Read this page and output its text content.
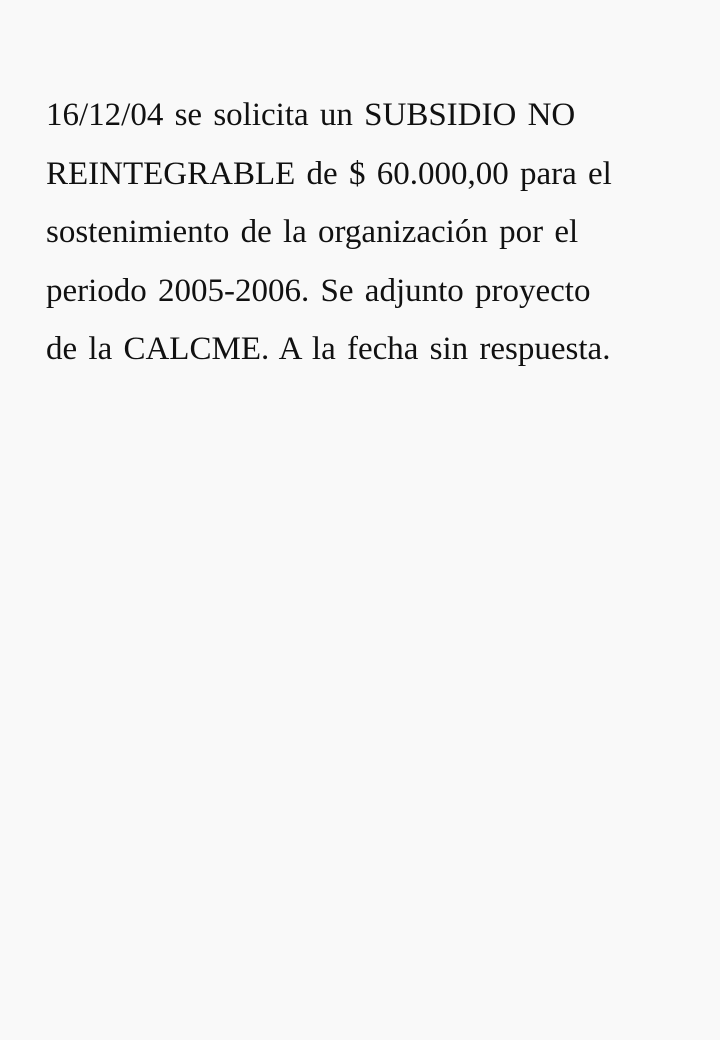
16/12/04 se solicita un SUBSIDIO NO
REINTEGRABLE de $ 60.000,00 para el
sostenimiento de la organización por el
periodo 2005-2006. Se adjunto proyecto
de la CALCME. A la fecha sin respuesta.
